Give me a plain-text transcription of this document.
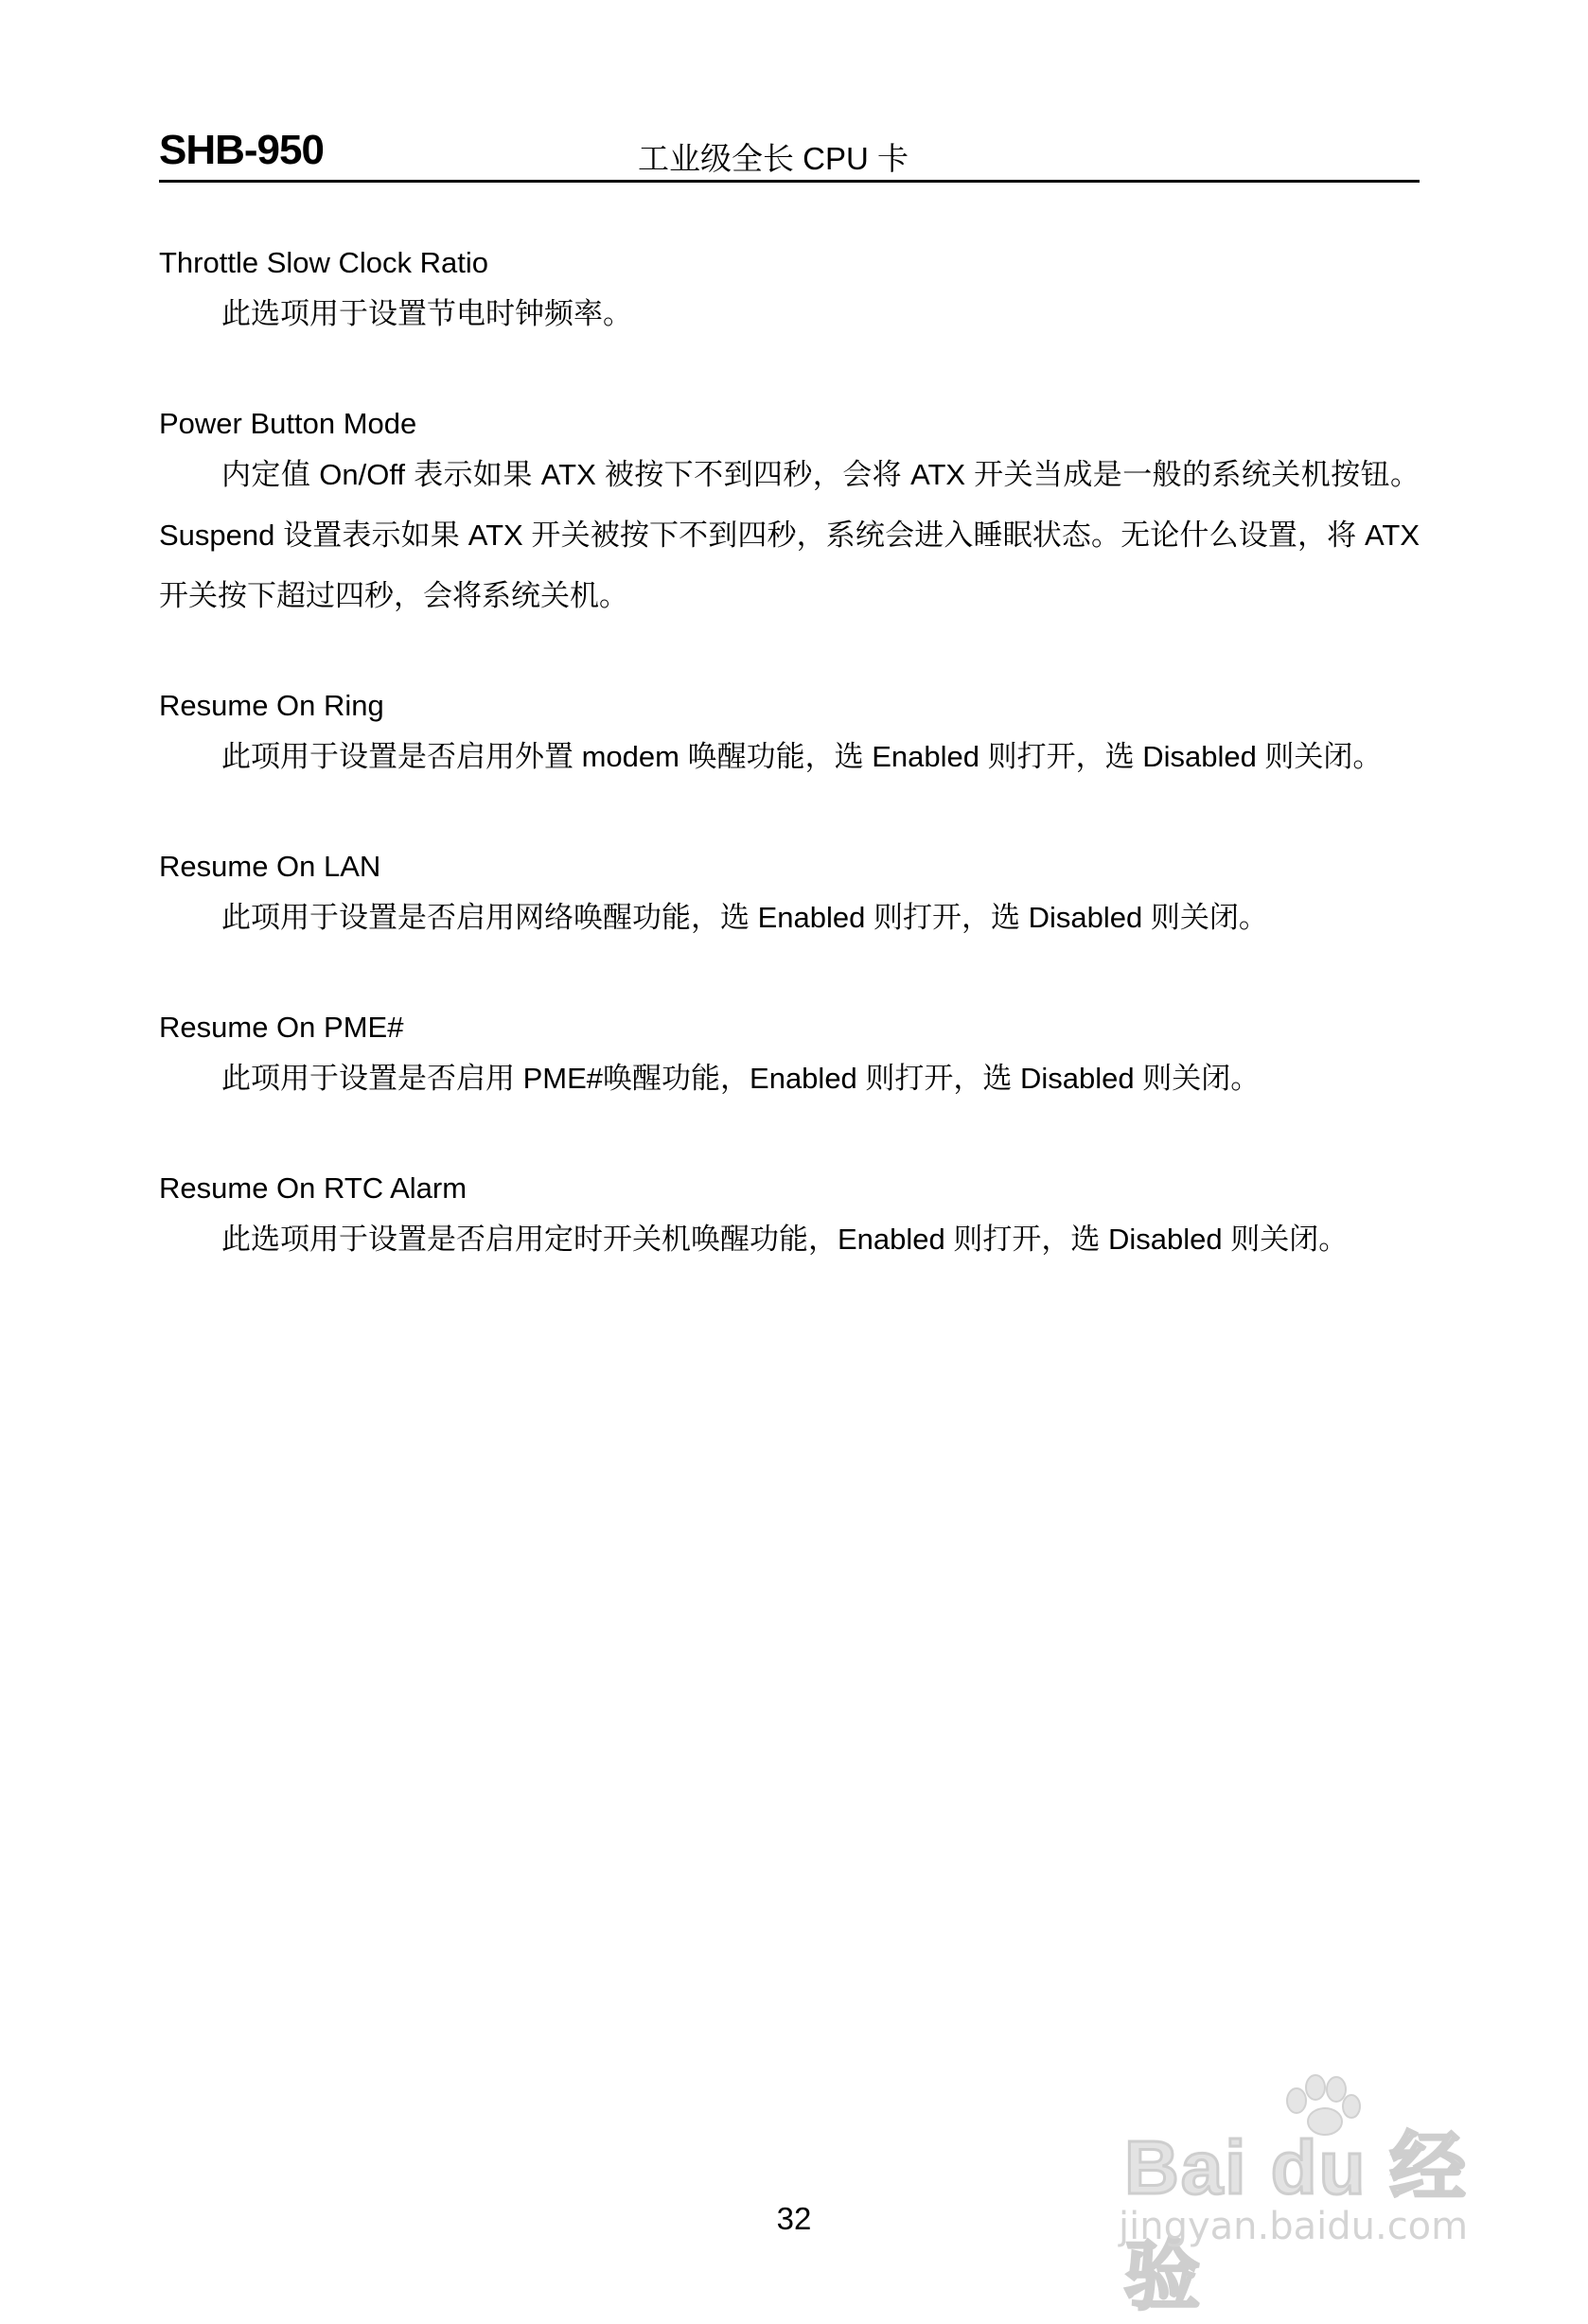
SHB-950	工业级全长 CPU 卡

Throttle Slow Clock Ratio

此选项用于设置节电时钟频率。

Power Button Mode

内定值 On/Off 表示如果 ATX 被按下不到四秒，会将 ATX 开关当成是一般的系统关机按钮。Suspend 设置表示如果 ATX 开关被按下不到四秒，系统会进入睡眠状态。无论什么设置，将 ATX 开关按下超过四秒，会将系统关机。

Resume On Ring

此项用于设置是否启用外置 modem 唤醒功能，选 Enabled 则打开，选 Disabled 则关闭。

Resume On LAN

此项用于设置是否启用网络唤醒功能，选 Enabled 则打开，选 Disabled 则关闭。

Resume On PME#

此项用于设置是否启用 PME#唤醒功能，Enabled 则打开，选 Disabled 则关闭。

Resume On RTC Alarm

此选项用于设置是否启用定时开关机唤醒功能，Enabled 则打开，选 Disabled 则关闭。

32
Bai du 经验
jingyan.baidu.com
